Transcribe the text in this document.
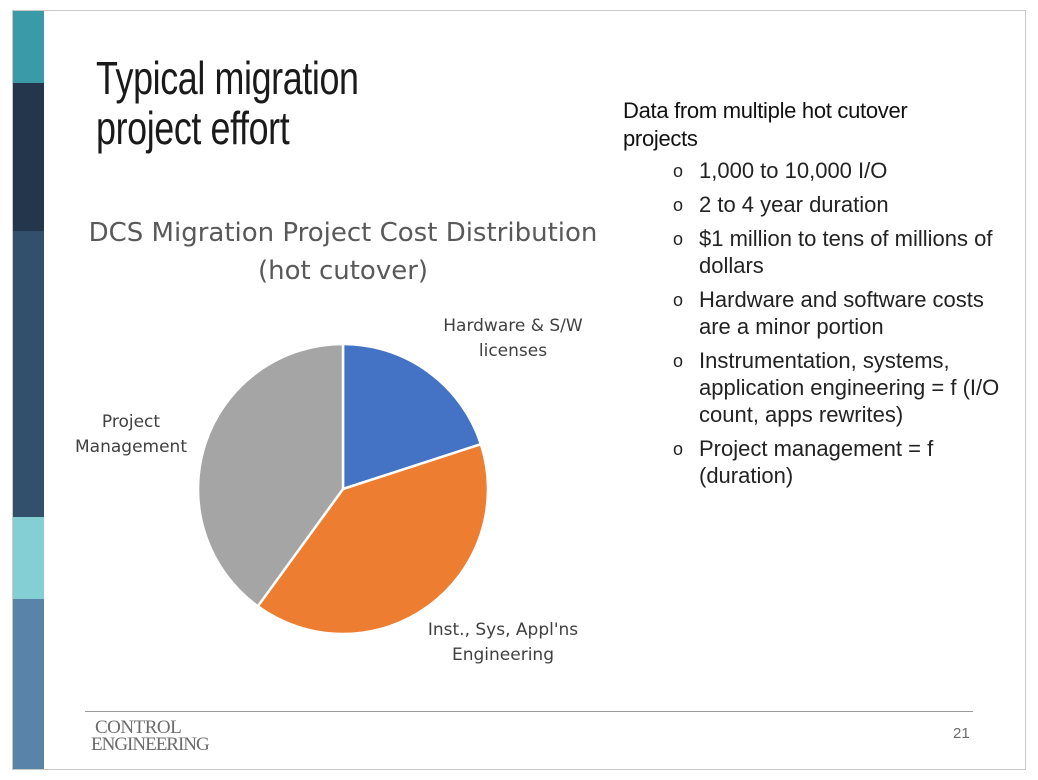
Typical migration
project effort
DCS Migration Project Cost Distribution
(hot cutover)
Hardware & S/W
licenses
Inst., Sys, Appl'ns
Engineering
Project
Management
Data from multiple hot cutover
projects
o 1,000 to 10,000 I/O
o 2 to 4 year duration
o $1 million to tens of millions of dollars
o Hardware and software costs are a minor portion
o Instrumentation, systems, application engineering = f (I/O count, apps rewrites)
o Project management = f (duration)
CONTROL
ENGINEERING
21
